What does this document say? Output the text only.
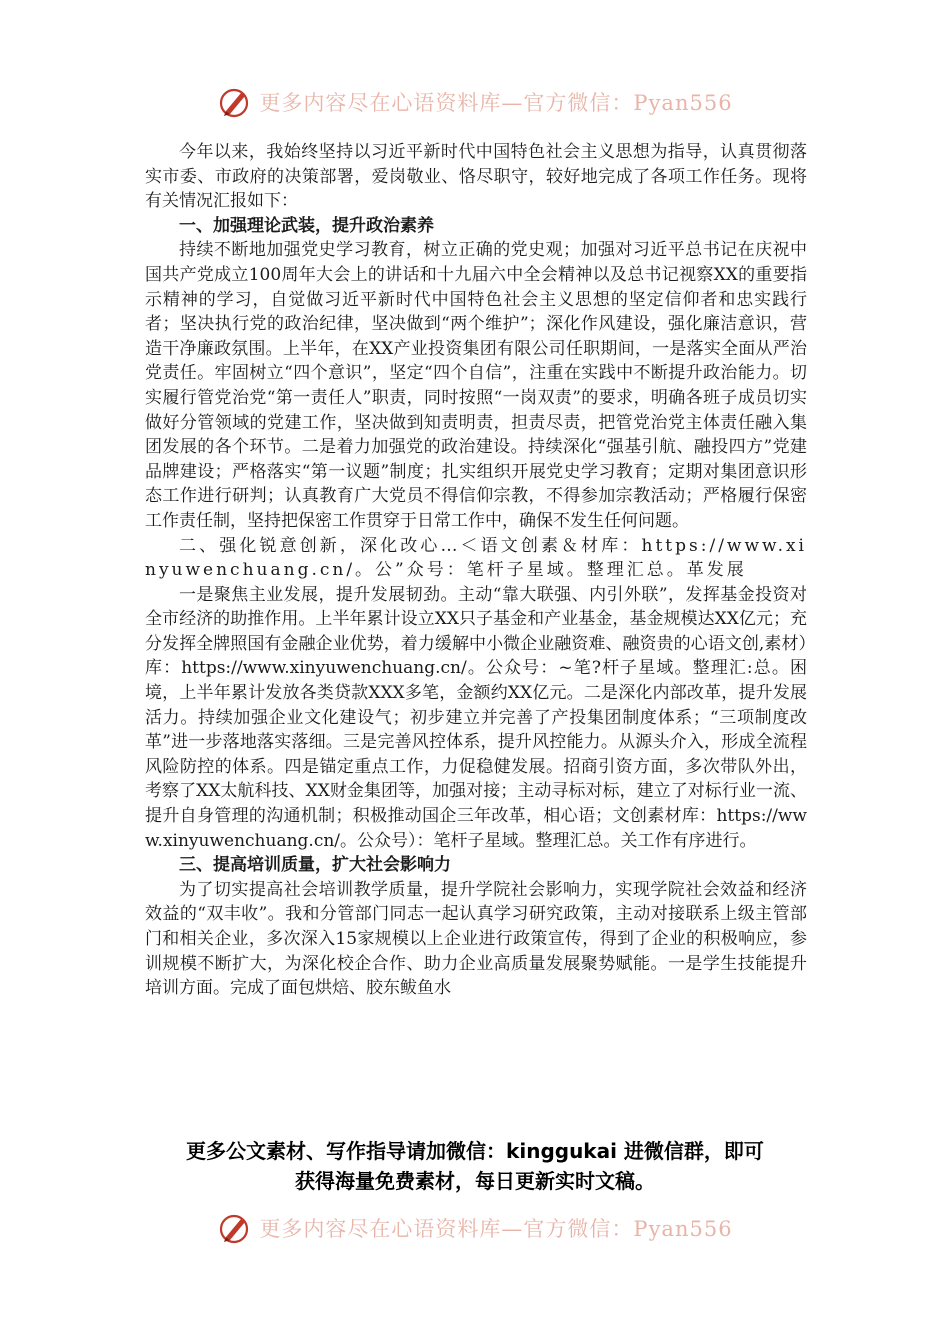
更多内容尽在心语资料库—官方微信：Pyan556

今年以来，我始终坚持以习近平新时代中国特色社会主义思想为指导，认真贯彻落实市委、市政府的决策部署，爱岗敬业、恪尽职守，较好地完成了各项工作任务。现将有关情况汇报如下：

一、加强理论武装，提升政治素养

持续不断地加强党史学习教育，树立正确的党史观；加强对习近平总书记在庆祝中国共产党成立100周年大会上的讲话和十九届六中全会精神以及总书记视察XX的重要指示精神的学习，自觉做习近平新时代中国特色社会主义思想的坚定信仰者和忠实践行者；坚决执行党的政治纪律，坚决做到“两个维护”；深化作风建设，强化廉洁意识，营造干净廉政氛围。上半年，在XX产业投资集团有限公司任职期间，一是落实全面从严治党责任。牢固树立“四个意识”，坚定“四个自信”，注重在实践中不断提升政治能力。切实履行管党治党“第一责任人”职责，同时按照“一岗双责”的要求，明确各班子成员切实做好分管领域的党建工作，坚决做到知责明责，担责尽责，把管党治党主体责任融入集团发展的各个环节。二是着力加强党的政治建设。持续深化“强基引航、融投四方”党建品牌建设；严格落实“第一议题”制度；扎实组织开展党史学习教育；定期对集团意识形态工作进行研判；认真教育广大党员不得信仰宗教，不得参加宗教活动；严格履行保密工作责任制，坚持把保密工作贯穿于日常工作中，确保不发生任何问题。

二、强化锐意创新，深化改心…＜语文创素＆材库：https://www.xinyuwenchuang.cn/。公”众号：笔杆子星域。整理汇总。革发展

一是聚焦主业发展，提升发展韧劲。主动“靠大联强、内引外联”，发挥基金投资对全市经济的助推作用。上半年累计设立XX只子基金和产业基金，基金规模达XX亿元；充分发挥全牌照国有金融企业优势，着力缓解中小微企业融资难、融资贵的心语文创,素材）库：https://www.xinyuwenchuang.cn/。公众号：~笔?杆子星域。整理汇:总。困境，上半年累计发放各类贷款XXX多笔，金额约XX亿元。二是深化内部改革，提升发展活力。持续加强企业文化建设气；初步建立并完善了产投集团制度体系；“三项制度改革”进一步落地落实落细。三是完善风控体系，提升风控能力。从源头介入，形成全流程风险防控的体系。四是锚定重点工作，力促稳健发展。招商引资方面，多次带队外出，考察了XX太航科技、XX财金集团等，加强对接；主动寻标对标，建立了对标行业一流、提升自身管理的沟通机制；积极推动国企三年改革，相心语；文创素材库：https://www.xinyuwenchuang.cn/。公众号）：笔杆子星域。整理汇总。关工作有序进行。

三、提高培训质量，扩大社会影响力

为了切实提高社会培训教学质量，提升学院社会影响力，实现学院社会效益和经济效益的“双丰收”。我和分管部门同志一起认真学习研究政策，主动对接联系上级主管部门和相关企业，多次深入15家规模以上企业进行政策宣传，得到了企业的积极响应，参训规模不断扩大，为深化校企合作、助力企业高质量发展聚势赋能。一是学生技能提升培训方面。完成了面包烘焙、胶东鲅鱼水

更多公文素材、写作指导请加微信：kinggukai 进微信群，即可
获得海量免费素材，每日更新实时文稿。
更多内容尽在心语资料库—官方微信：Pyan556
